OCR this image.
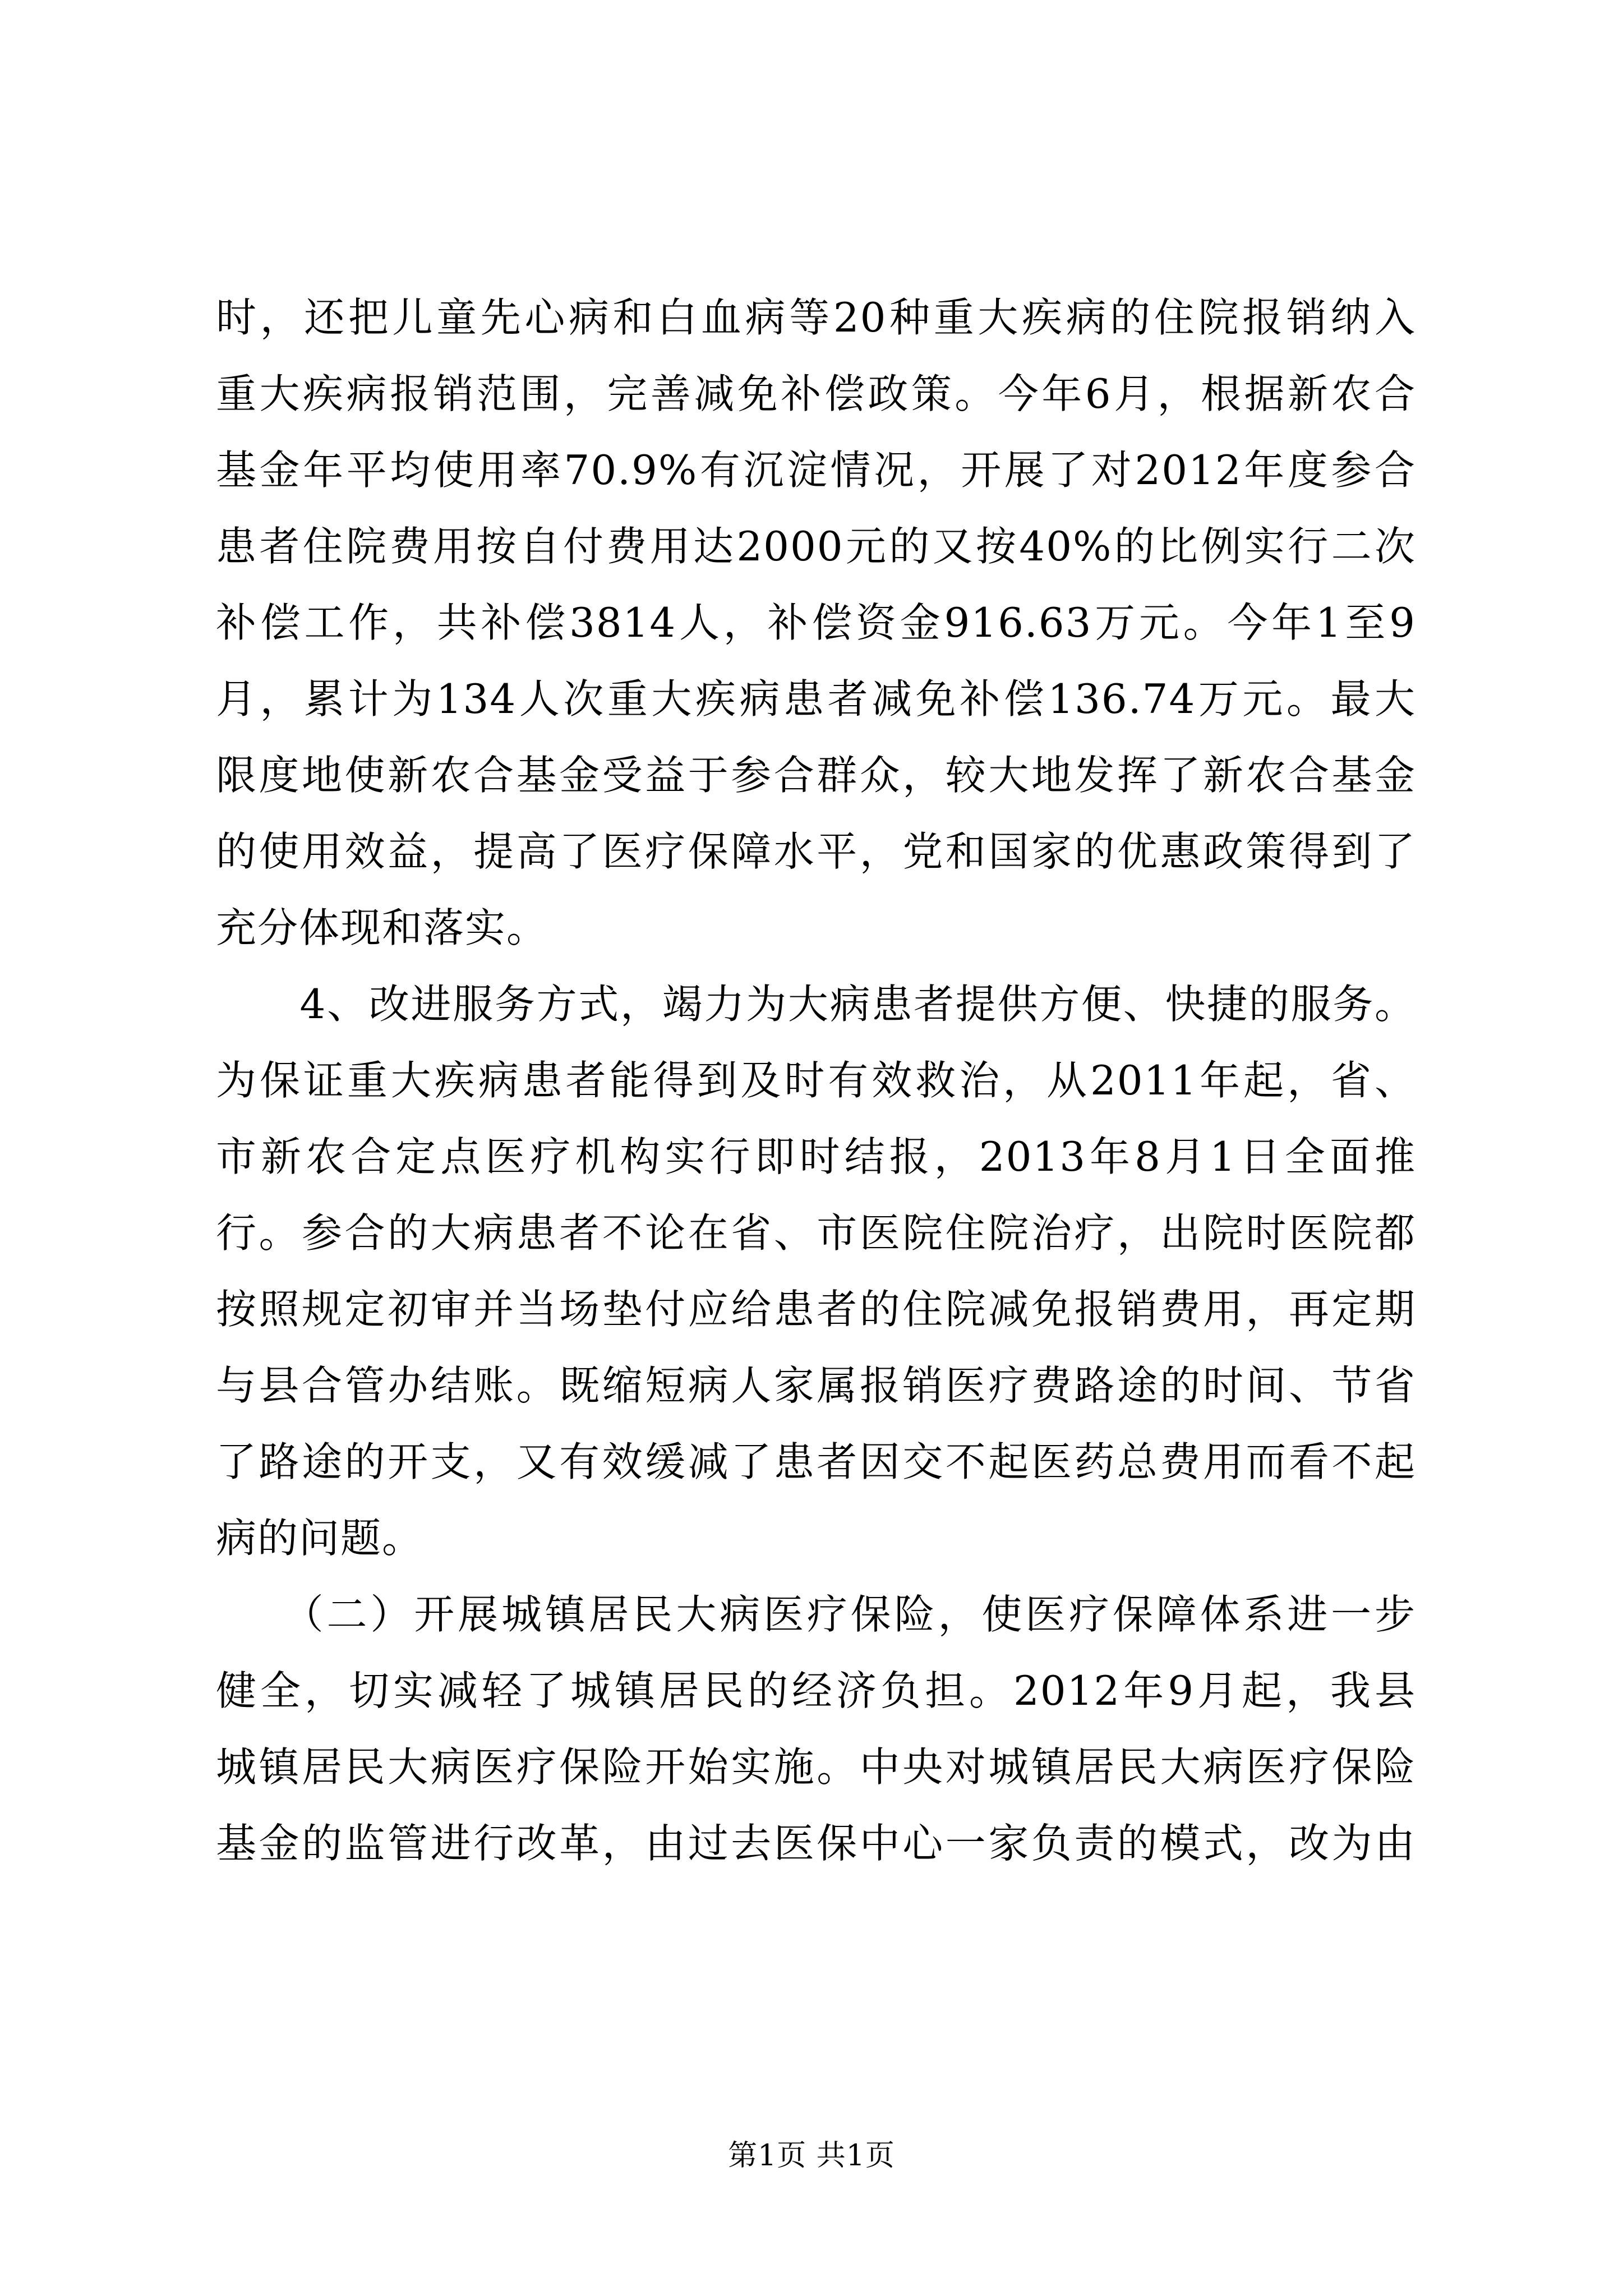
时，还把儿童先心病和白血病等20种重大疾病的住院报销纳入
重大疾病报销范围，完善减免补偿政策。今年6月，根据新农合
基金年平均使用率70.9%有沉淀情况，开展了对2012年度参合
患者住院费用按自付费用达2000元的又按40%的比例实行二次
补偿工作，共补偿3814人，补偿资金916.63万元。今年1至9
月，累计为134人次重大疾病患者减免补偿136.74万元。最大
限度地使新农合基金受益于参合群众，较大地发挥了新农合基金
的使用效益，提高了医疗保障水平，党和国家的优惠政策得到了
充分体现和落实。
　　4、改进服务方式，竭力为大病患者提供方便、快捷的服务。
为保证重大疾病患者能得到及时有效救治，从2011年起，省、
市新农合定点医疗机构实行即时结报，2013年8月1日全面推
行。参合的大病患者不论在省、市医院住院治疗，出院时医院都
按照规定初审并当场垫付应给患者的住院减免报销费用，再定期
与县合管办结账。既缩短病人家属报销医疗费路途的时间、节省
了路途的开支，又有效缓减了患者因交不起医药总费用而看不起
病的问题。
　　（二）开展城镇居民大病医疗保险，使医疗保障体系进一步
健全，切实减轻了城镇居民的经济负担。2012年9月起，我县
城镇居民大病医疗保险开始实施。中央对城镇居民大病医疗保险
基金的监管进行改革，由过去医保中心一家负责的模式，改为由
第1页 共1页
